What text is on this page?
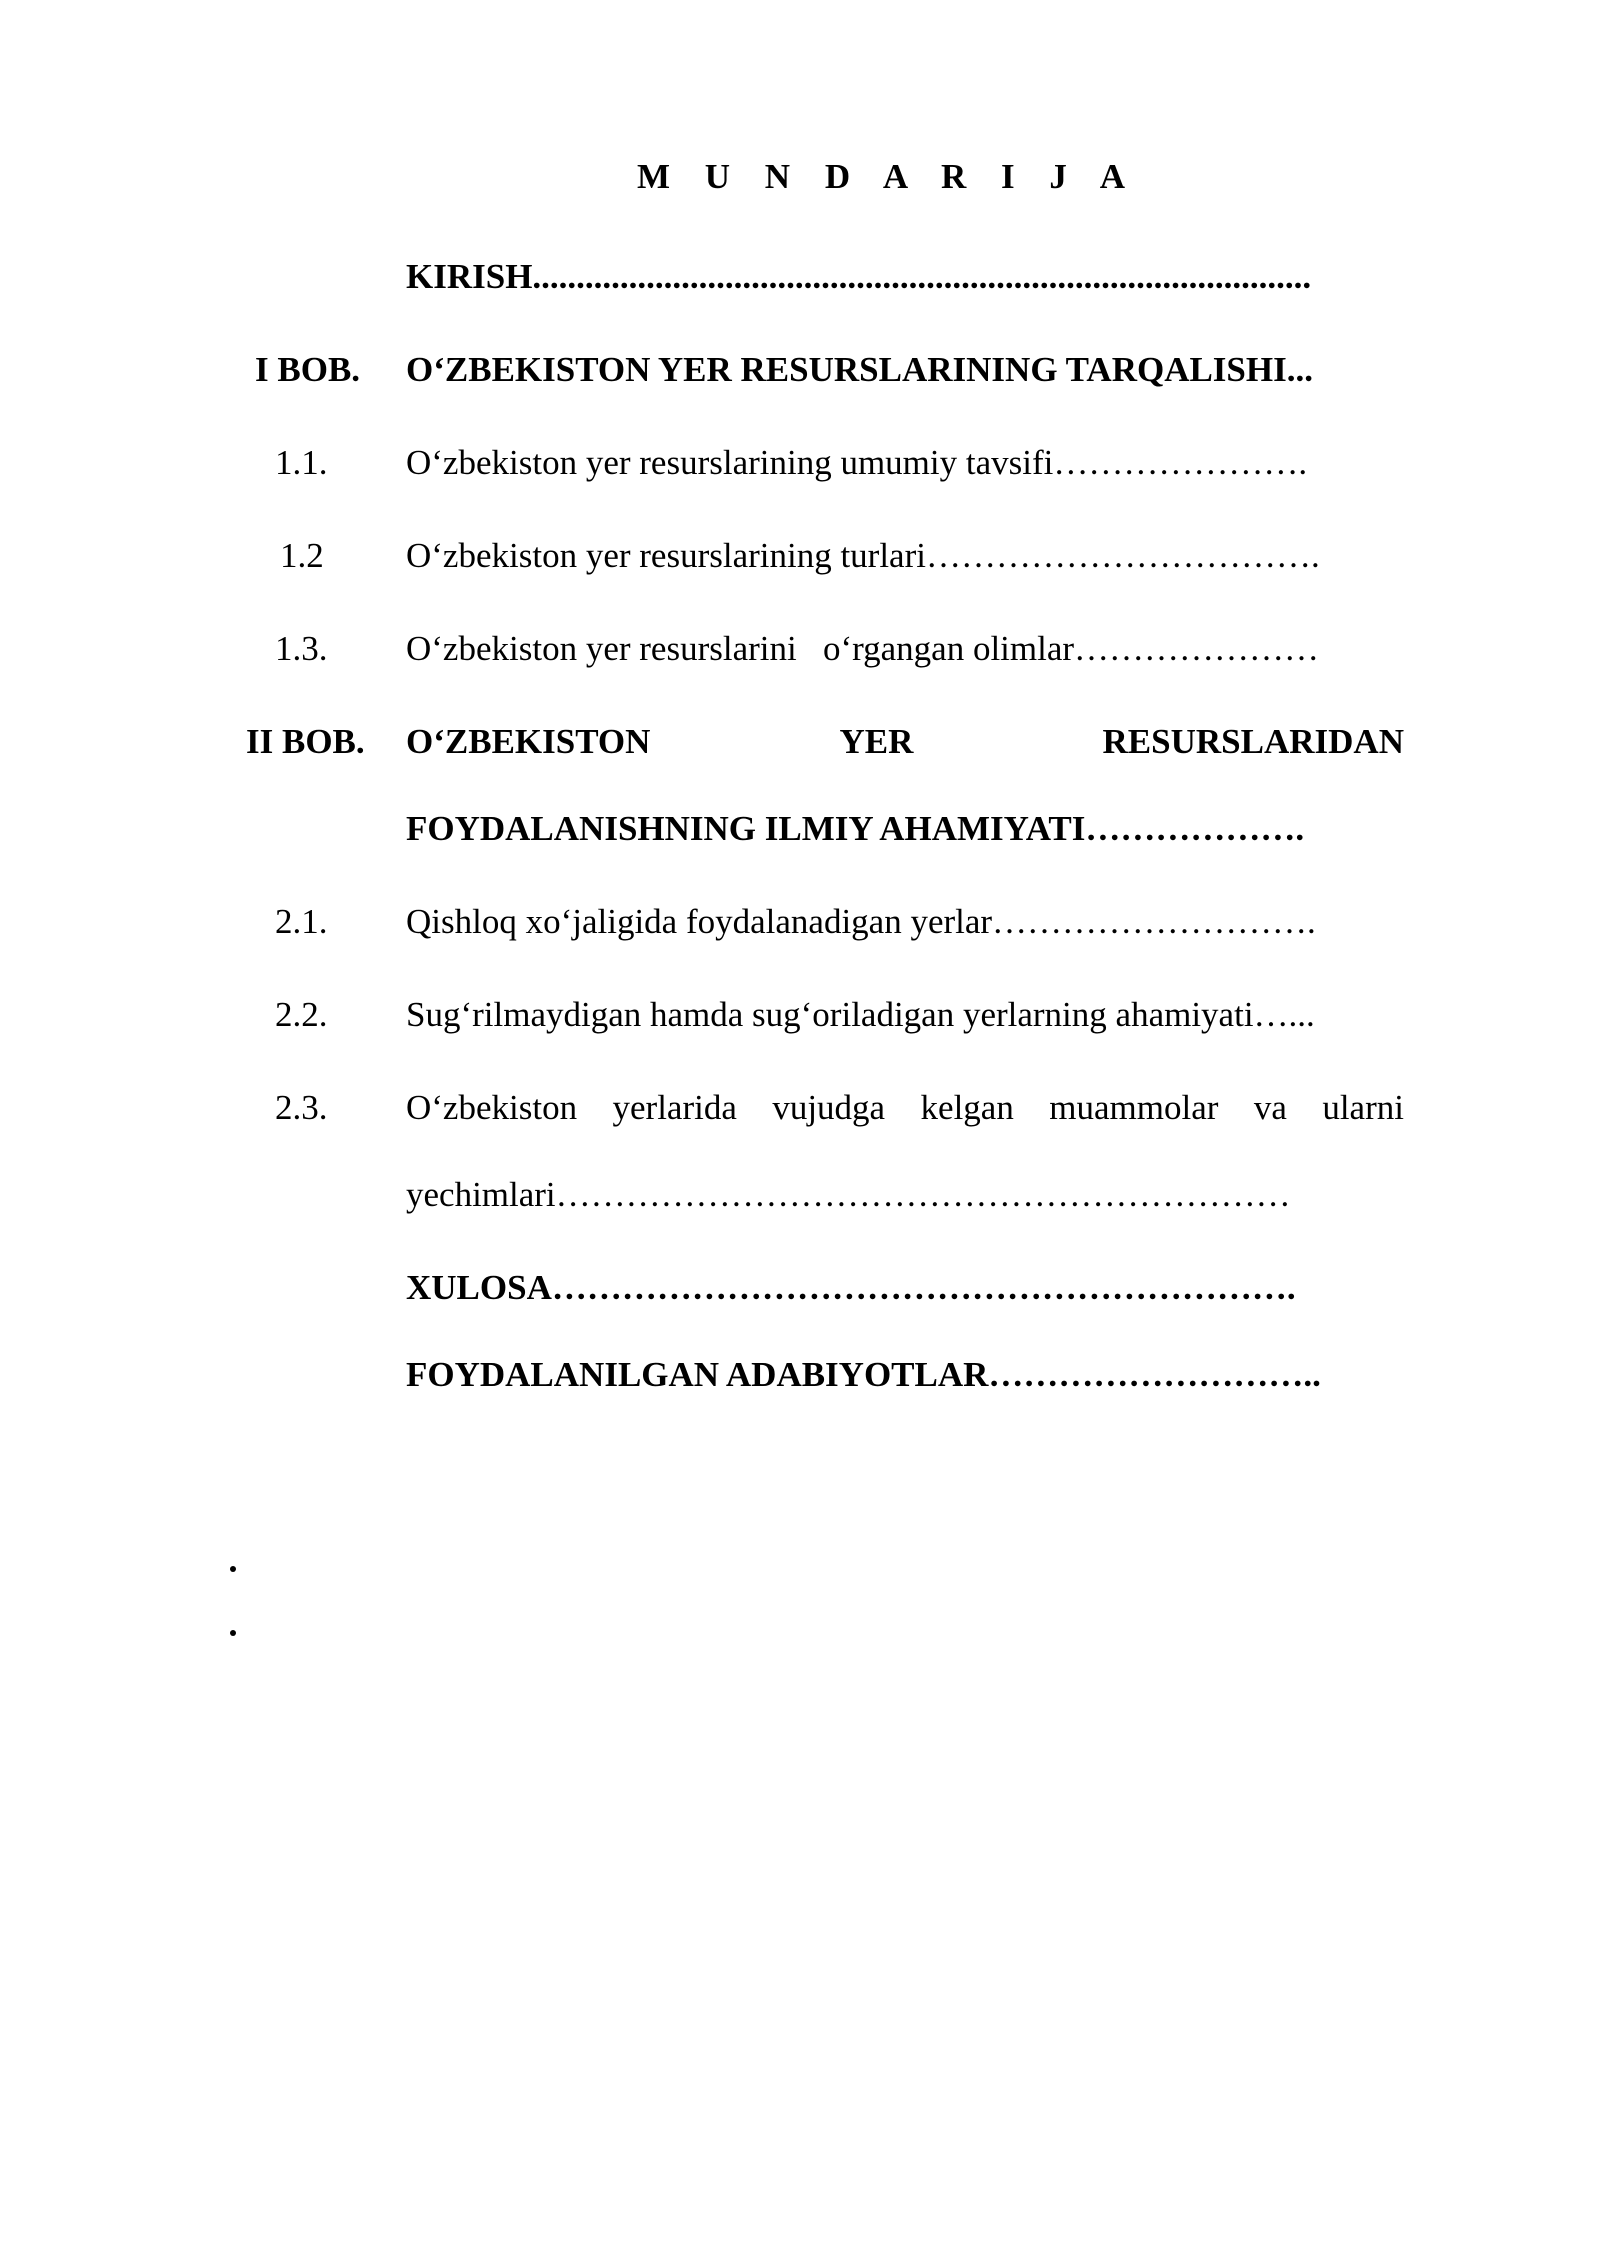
M U N D A R I J A
KIRISH.........................................................................................
I BOB. O‘ZBEKISTON YER RESURSLARINING TARQALISHI...
1.1. O‘zbekiston yer resurslarining umumiy tavsifi………………….
1.2 O‘zbekiston yer resurslarining turlari…………………………….
1.3. O‘zbekiston yer resurslarini   o‘rgangan olimlar…………………
II BOB. O‘ZBEKISTON	YER	RESURSLARIDAN
FOYDALANISHNING ILMIY AHAMIYATI……………….
2.1. Qishloq xo‘jaligida foydalanadigan yerlar……………………….
2.2. Sug‘rilmaydigan hamda sug‘oriladigan yerlarning ahamiyati…...
2.3. O‘zbekiston yerlarida vujudga kelgan muammolar va ularni
yechimlari………………………………………………………
XULOSA……………………………………………………….
FOYDALANILGAN ADABIYOTLAR………………………..
